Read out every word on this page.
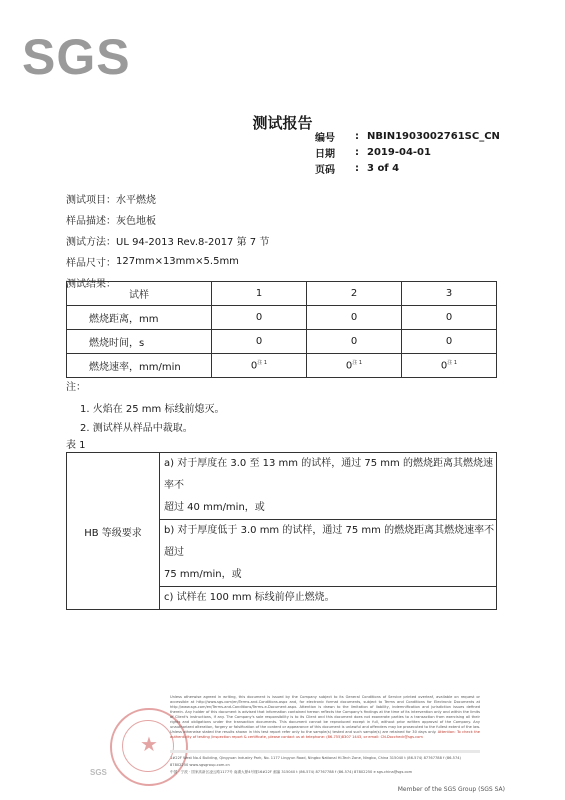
SGS
测试报告
编号	: NBIN1903002761SC_CN
日期	: 2019-04-01
页码	: 3 of 4
测试项目： 水平燃烧
样品描述： 灰色地板
测试方法： UL 94-2013 Rev.8-2017 第 7 节
样品尺寸： 127mm×13mm×5.5mm
测试结果：
试样	1	2	3
燃烧距离，mm	0	0	0
燃烧时间，s	0	0	0
燃烧速率，mm/min	$0^{注 1}$	$0^{注 1}$	$0^{注 1}$
注：
1. 火焰在 25 mm 标线前熄灭。
2. 测试样从样品中裁取。
表 1
HB 等级要求	
a) 对于厚度在 3.0 至 13 mm 的试样，通过 75 mm 的燃烧距离其燃烧速率不
超过 40 mm/min，或
b) 对于厚度低于 3.0 mm 的试样，通过 75 mm 的燃烧距离其燃烧速率不超过
75 mm/min，或
c) 试样在 100 mm 标线前停止燃烧。
★
Unless otherwise agreed in writing, this document is issued by the Company subject to its General Conditions of Service printed overleaf, available on request or accessible at http://www.sgs.com/en/Terms-and-Conditions.aspx and, for electronic format documents, subject to Terms and Conditions for Electronic Documents at http://www.sgs.com/en/Terms-and-Conditions/Terms-e-Document.aspx. Attention is drawn to the limitation of liability, indemnification and jurisdiction issues defined therein. Any holder of this document is advised that information contained hereon reflects the Company's findings at the time of its intervention only and within the limits of Client's instructions, if any. The Company's sole responsibility is to its Client and this document does not exonerate parties to a transaction from exercising all their rights and obligations under the transaction documents. This document cannot be reproduced except in full, without prior written approval of the Company. Any unauthorized alteration, forgery or falsification of the content or appearance of this document is unlawful and offenders may be prosecuted to the fullest extent of the law. Unless otherwise stated the results shown in this test report refer only to the sample(s) tested and such sample(s) are retained for 30 days only. Attention: To check the authenticity of testing /inspection report & certificate, please contact us at telephone: (86-755)8307 1443, or email: CN.Doccheck@sgs.com
1#22F West No.4 Building, Qingyuan Industry Park, No. 1177 Lingyun Road, Ningbo National Hi-Tech Zone, Ningbo, China 315040 t (86-574) 87767788 f (86-574) 87802250 www.sgsgroup.com.cn
中国 · 宁波 · 国家高新区凌云路1177号 南湖大厦4号楼16#22F 邮编 315040 t (86-574) 87767788 f (86-574) 87802250 e sgs.china@sgs.com
SGS
Member of the SGS Group (SGS SA)
